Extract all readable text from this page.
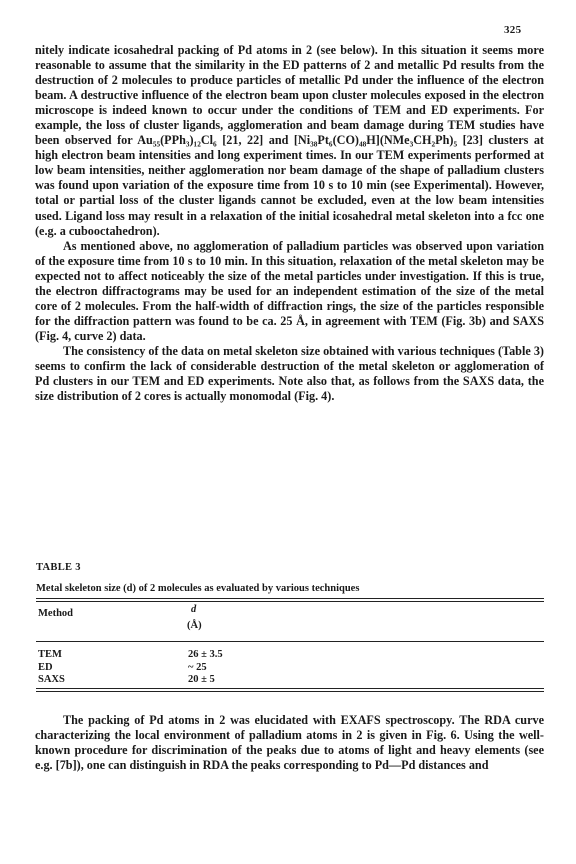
325

nitely indicate icosahedral packing of Pd atoms in 2 (see below). In this situation it seems more reasonable to assume that the similarity in the ED patterns of 2 and metallic Pd results from the destruction of 2 molecules to produce particles of metallic Pd under the influence of the electron beam. A destructive influence of the electron beam upon cluster molecules exposed in the electron microscope is indeed known to occur under the conditions of TEM and ED experiments. For example, the loss of cluster ligands, agglomeration and beam damage during TEM studies have been observed for Au₅₅(PPh₃)₁₂Cl₆ [21, 22] and [Ni₃₈Pt₆(CO)₄₈H](NMe₃CH₂Ph)₅ [23] clusters at high electron beam intensities and long experiment times. In our TEM experiments performed at low beam intensities, neither agglomeration nor beam damage of the shape of palladium clusters was found upon variation of the exposure time from 10 s to 10 min (see Experimental). However, total or partial loss of the cluster ligands cannot be excluded, even at the low beam intensities used. Ligand loss may result in a relaxation of the initial icosahedral metal skeleton into a fcc one (e.g. a cuboоctahedron).

As mentioned above, no agglomeration of palladium particles was observed upon variation of the exposure time from 10 s to 10 min. In this situation, relaxation of the metal skeleton may be expected not to affect noticeably the size of the metal particles under investigation. If this is true, the electron diffractograms may be used for an independent estimation of the size of the metal core of 2 molecules. From the half-width of diffraction rings, the size of the particles responsible for the diffraction pattern was found to be ca. 25 Å, in agreement with TEM (Fig. 3b) and SAXS (Fig. 4, curve 2) data.

The consistency of the data on metal skeleton size obtained with various techniques (Table 3) seems to confirm the lack of considerable destruction of the metal skeleton or agglomeration of Pd clusters in our TEM and ED experiments. Note also that, as follows from the SAXS data, the size distribution of 2 cores is actually monomodal (Fig. 4).

TABLE 3
Metal skeleton size (d) of 2 molecules as evaluated by various techniques
Method	d
(Å)
TEM	26 ± 3.5
ED	~ 25
SAXS	20 ± 5

The packing of Pd atoms in 2 was elucidated with EXAFS spectroscopy. The RDA curve characterizing the local environment of palladium atoms in 2 is given in Fig. 6. Using the well-known procedure for discrimination of the peaks due to atoms of light and heavy elements (see e.g. [7b]), one can distinguish in RDA the peaks corresponding to Pd—Pd distances and
